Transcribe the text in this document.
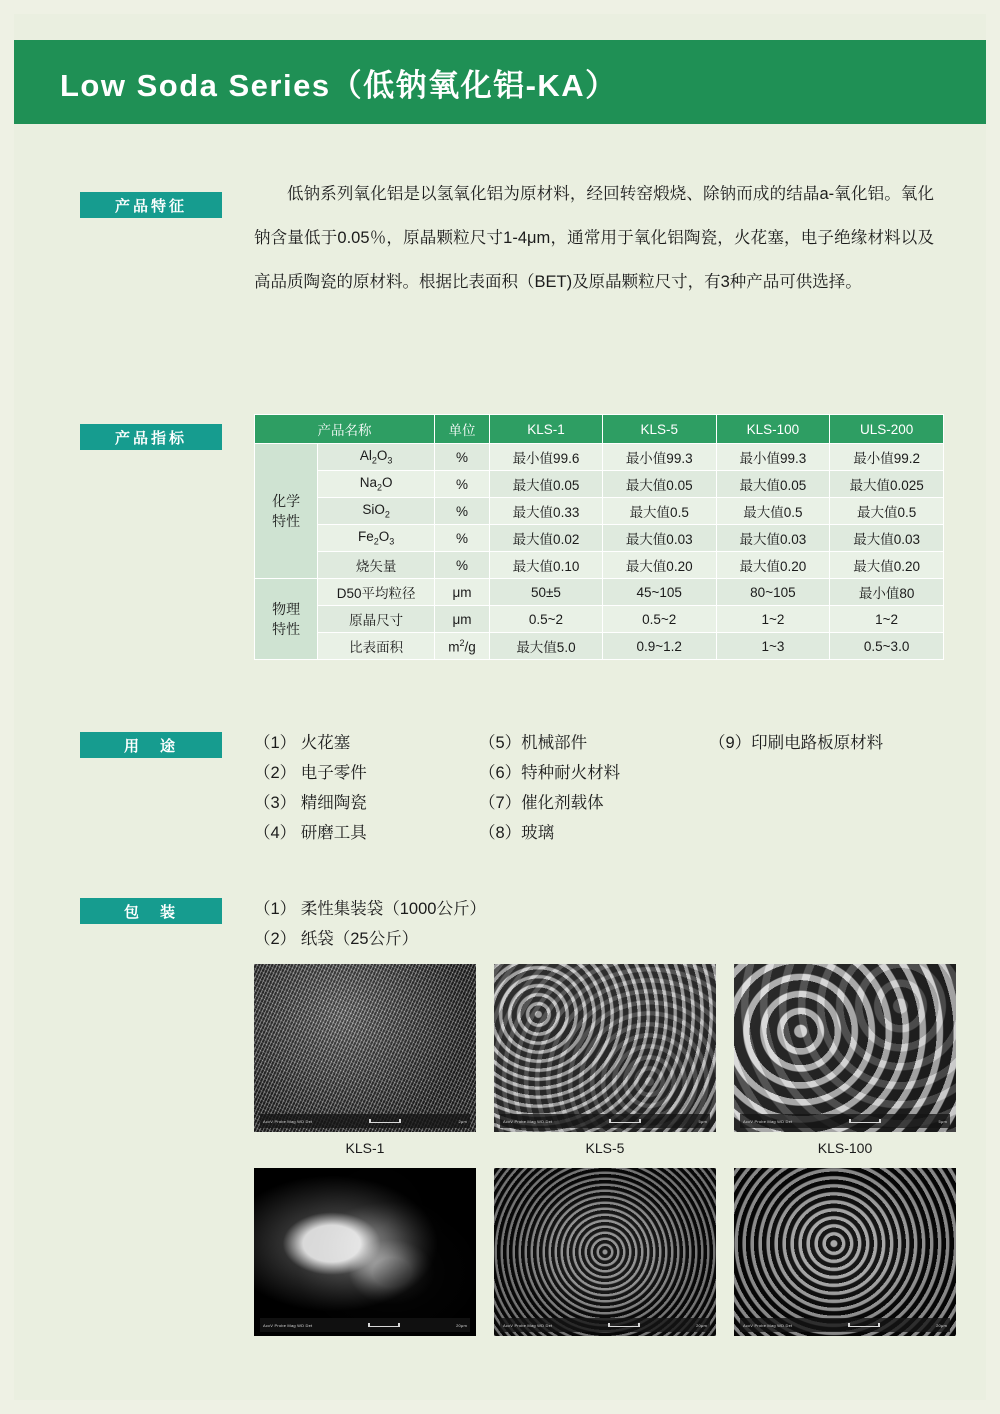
Low Soda Series（低钠氧化铝-KA）
产品特征
低钠系列氧化铝是以氢氧化铝为原材料，经回转窑煅烧、除钠而成的结晶a-氧化铝。氧化钠含量低于0.05％，原晶颗粒尺寸1-4μm，通常用于氧化铝陶瓷，火花塞，电子绝缘材料以及高品质陶瓷的原材料。根据比表面积（BET)及原晶颗粒尺寸，有3种产品可供选择。
产品指标	产品名称		单位	KLS-1	KLS-5	KLS-100	ULS-200
化学
特性	$Al_2O_3$	%	最小值99.6	最小值99.3	最小值99.3	最小值99.2
	$Na_2O$	%	最大值0.05	最大值0.05	最大值0.05	最大值0.025
	SiO$_2$	%	最大值0.33	最大值0.5	最大值0.5	最大值0.5
	$Fe_2O_3$	%	最大值0.02	最大值0.03	最大值0.03	最大值0.03
	烧矢量	%	最大值0.10	最大值0.20	最大值0.20	最大值0.20
物理
特性	D50平均粒径	μm	50±5	45~105	80~105	最小值80
	原晶尺寸	μm	0.5~2	0.5~2	1~2	1~2
	比表面积	$m^2/g$	最大值5.0	0.9~1.2	1~3	0.5~3.0
用　途	（1） 火花塞
（2） 电子零件
（3） 精细陶瓷
（4） 研磨工具
（5）机械部件
（6）特种耐火材料
（7）催化剂载体
（8）玻璃
（9）印刷电路板原材料
包　装	（1） 柔性集装袋（1000公斤）
（2） 纸袋（25公斤）
AccV Probe Mag WD Det	2μm
KLS-1
AccV Probe Mag WD Det	5μm
KLS-5
AccV Probe Mag WD Det	5μm
KLS-100
AccV Probe Mag WD Det	20μm	AccV Probe Mag WD Det	20μm	AccV Probe Mag WD Det	20μm
